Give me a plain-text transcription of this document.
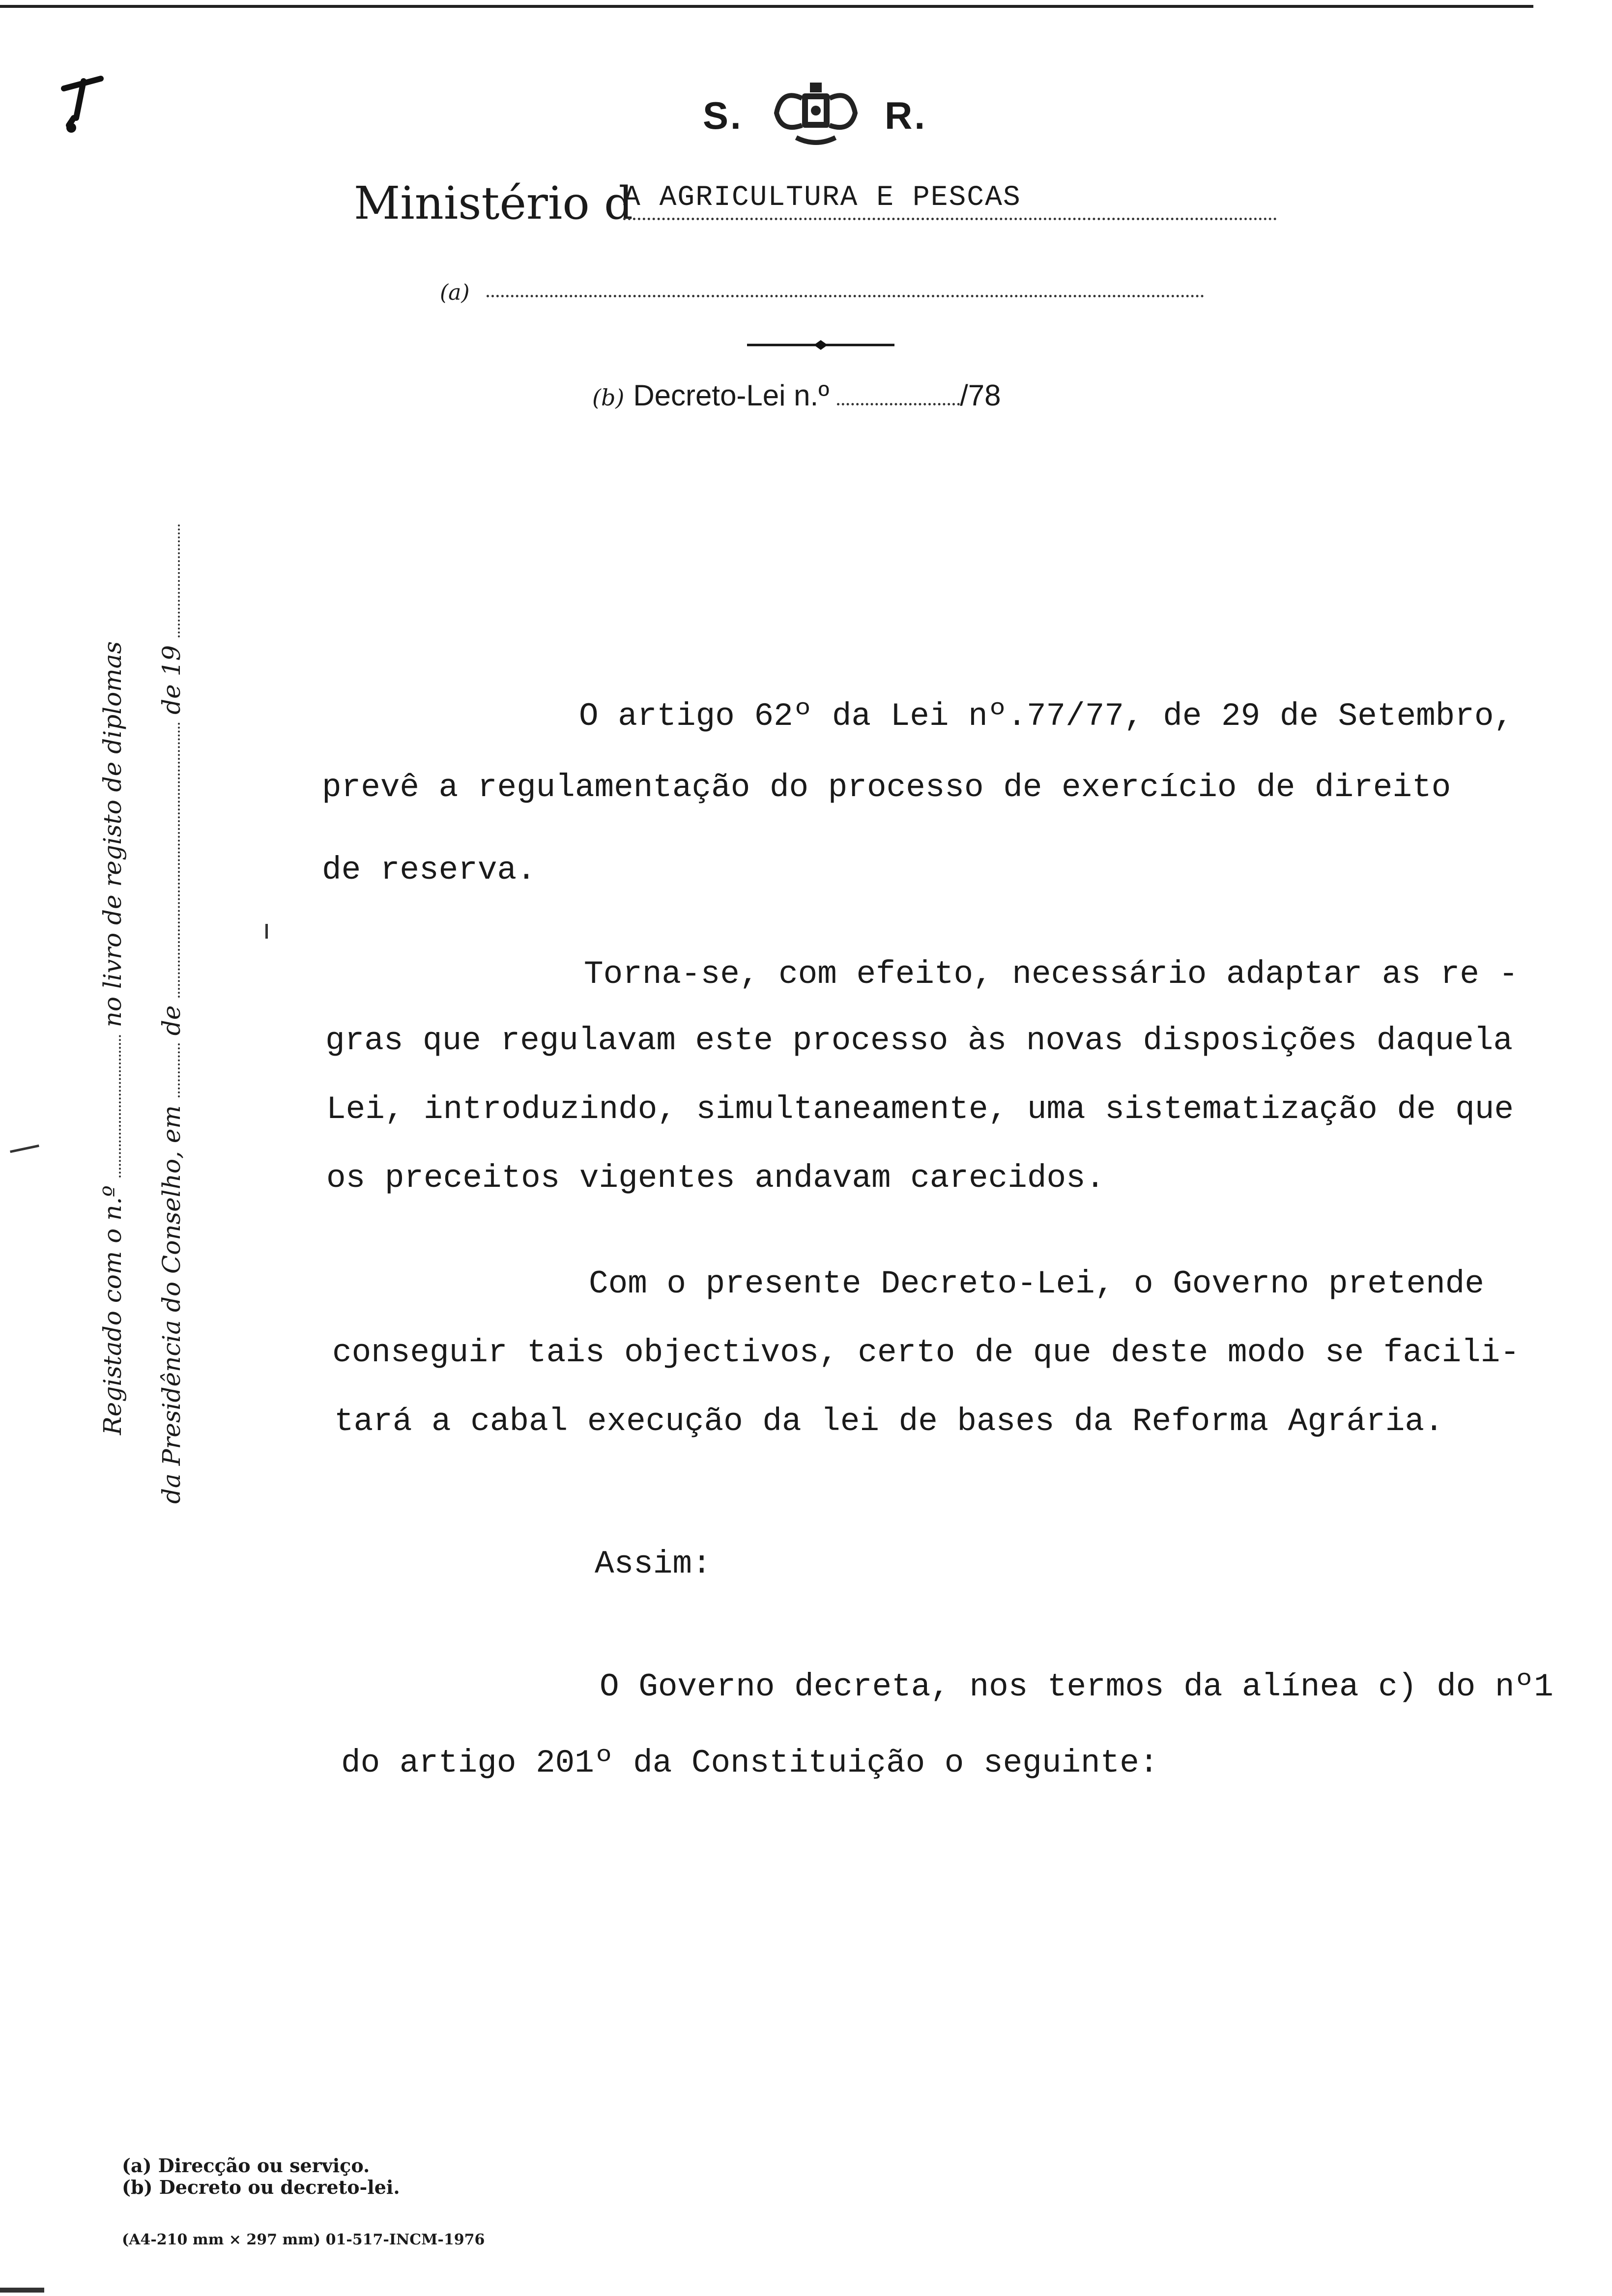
S.	R.
Ministério d
A AGRICULTURA E PESCAS
(a)
(b) Decreto-Lei n.º	/78
Registado com o n.º  no livro de registo de diplomas
da Presidência do Conselho, em  de  de 19
O artigo 62º da Lei nº.77/77, de 29 de Setembro,
prevê a regulamentação do processo de exercício de direito
de reserva.
Torna-se, com efeito, necessário adaptar as re -
gras que regulavam este processo às novas disposições daquela
Lei, introduzindo, simultaneamente, uma sistematização de que
os preceitos vigentes andavam carecidos.
Com o presente Decreto-Lei, o Governo pretende
conseguir tais objectivos, certo de que deste modo se facili-
tará a cabal execução da lei de bases da Reforma Agrária.
Assim:
O Governo decreta, nos termos da alínea c) do nº1
do artigo 201º da Constituição o seguinte:
(a) Direcção ou serviço.
(b) Decreto ou decreto-lei.
(A4-210 mm × 297 mm) 01-517-INCM-1976
